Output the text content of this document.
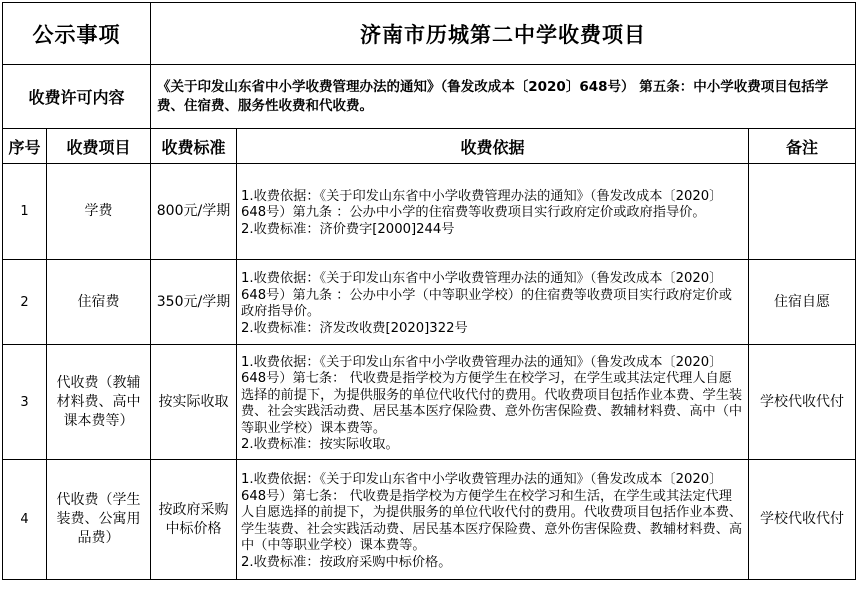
公示事项		济南市历城第二中学收费项目		
收费许可内容		《关于印发山东省中小学收费管理办法的通知》（鲁发改成本〔2020〕648号） 第五条：中小学收费项目包括学费、住宿费、服务性收费和代收费。		
序号	收费项目	收费标准	收费依据	备注
1	学费	800元/学期	1.收费依据：《关于印发山东省中小学收费管理办法的通知》（鲁发改成本〔2020〕648号）第九条 ：公办中小学的住宿费等收费项目实行政府定价或政府指导价。
2.收费标准：济价费字[2000]244号	

2	住宿费	350元/学期	1.收费依据：《关于印发山东省中小学收费管理办法的通知》（鲁发改成本〔2020〕648号）第九条 ：公办中小学（中等职业学校）的住宿费等收费项目实行政府定价或政府指导价。
2.收费标准：济发改收费[2020]322号	住宿自愿
3	代收费（教辅材料费、高中课本费等）	按实际收取	1.收费依据：《关于印发山东省中小学收费管理办法的通知》（鲁发改成本〔2020〕648号）第七条： 代收费是指学校为方便学生在校学习，在学生或其法定代理人自愿选择的前提下，为提供服务的单位代收代付的费用。代收费项目包括作业本费、学生装费、社会实践活动费、居民基本医疗保险费、意外伤害保险费、教辅材料费、高中（中等职业学校）课本费等。
2.收费标准：按实际收取。	学校代收代付
4	代收费（学生装费、公寓用品费）	按政府采购中标价格	1.收费依据：《关于印发山东省中小学收费管理办法的通知》（鲁发改成本〔2020〕648号）第七条： 代收费是指学校为方便学生在校学习和生活，在学生或其法定代理人自愿选择的前提下，为提供服务的单位代收代付的费用。代收费项目包括作业本费、学生装费、社会实践活动费、居民基本医疗保险费、意外伤害保险费、教辅材料费、高中（中等职业学校）课本费等。
2.收费标准：按政府采购中标价格。	学校代收代付
